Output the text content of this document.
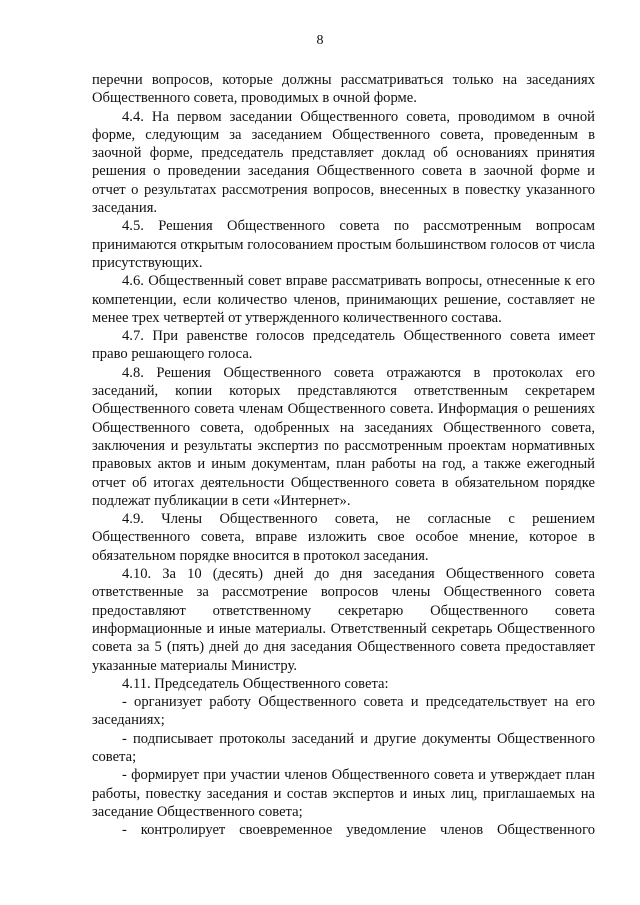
8

перечни вопросов, которые должны рассматриваться только на заседаниях Общественного совета, проводимых в очной форме.

4.4. На первом заседании Общественного совета, проводимом в очной форме, следующим за заседанием Общественного совета, проведенным в заочной форме, председатель представляет доклад об основаниях принятия решения о проведении заседания Общественного совета в заочной форме и отчет о результатах рассмотрения вопросов, внесенных в повестку указанного заседания.

4.5. Решения Общественного совета по рассмотренным вопросам принимаются открытым голосованием простым большинством голосов от числа присутствующих.

4.6. Общественный совет вправе рассматривать вопросы, отнесенные к его компетенции, если количество членов, принимающих решение, составляет не менее трех четвертей от утвержденного количественного состава.

4.7. При равенстве голосов председатель Общественного совета имеет право решающего голоса.

4.8. Решения Общественного совета отражаются в протоколах его заседаний, копии которых представляются ответственным секретарем Общественного совета членам Общественного совета. Информация о решениях Общественного совета, одобренных на заседаниях Общественного совета, заключения и результаты экспертиз по рассмотренным проектам нормативных правовых актов и иным документам, план работы на год, а также ежегодный отчет об итогах деятельности Общественного совета в обязательном порядке подлежат публикации в сети «Интернет».

4.9. Члены Общественного совета, не согласные с решением Общественного совета, вправе изложить свое особое мнение, которое в обязательном порядке вносится в протокол заседания.

4.10. За 10 (десять) дней до дня заседания Общественного совета ответственные за рассмотрение вопросов члены Общественного совета предоставляют ответственному секретарю Общественного совета информационные и иные материалы. Ответственный секретарь Общественного совета за 5 (пять) дней до дня заседания Общественного совета предоставляет указанные материалы Министру.

4.11. Председатель Общественного совета:

- организует работу Общественного совета и председательствует на его заседаниях;

- подписывает протоколы заседаний и другие документы Общественного совета;

- формирует при участии членов Общественного совета и утверждает план работы, повестку заседания и состав экспертов и иных лиц, приглашаемых на заседание Общественного совета;

- контролирует своевременное уведомление членов Общественного
